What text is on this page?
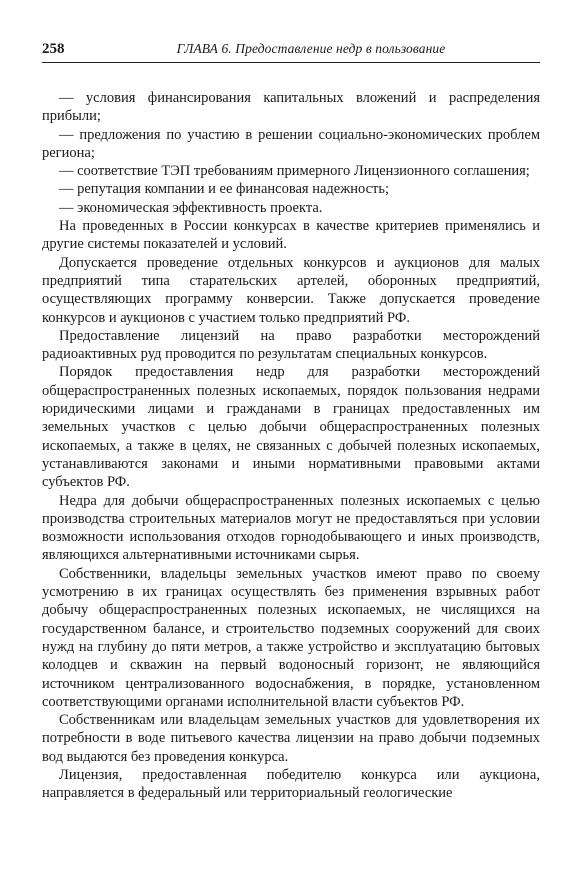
258	ГЛАВА 6. Предоставление недр в пользование

— условия финансирования капитальных вложений и распределения прибыли;

— предложения по участию в решении социально-экономических проблем региона;

— соответствие ТЭП требованиям примерного Лицензионного соглашения;

— репутация компании и ее финансовая надежность;

— экономическая эффективность проекта.

На проведенных в России конкурсах в качестве критериев применялись и другие системы показателей и условий.

Допускается проведение отдельных конкурсов и аукционов для малых предприятий типа старательских артелей, оборонных предприятий, осуществляющих программу конверсии. Также допускается проведение конкурсов и аукционов с участием только предприятий РФ.

Предоставление лицензий на право разработки месторождений радиоактивных руд проводится по результатам специальных конкурсов.

Порядок предоставления недр для разработки месторождений общераспространенных полезных ископаемых, порядок пользования недрами юридическими лицами и гражданами в границах предоставленных им земельных участков с целью добычи общераспространенных полезных ископаемых, а также в целях, не связанных с добычей полезных ископаемых, устанавливаются законами и иными нормативными правовыми актами субъектов РФ.

Недра для добычи общераспространенных полезных ископаемых с целью производства строительных материалов могут не предоставляться при условии возможности использования отходов горнодобывающего и иных производств, являющихся альтернативными источниками сырья.

Собственники, владельцы земельных участков имеют право по своему усмотрению в их границах осуществлять без применения взрывных работ добычу общераспространенных полезных ископаемых, не числящихся на государственном балансе, и строительство подземных сооружений для своих нужд на глубину до пяти метров, а также устройство и эксплуатацию бытовых колодцев и скважин на первый водоносный горизонт, не являющийся источником централизованного водоснабжения, в порядке, установленном соответствующими органами исполнительной власти субъектов РФ.

Собственникам или владельцам земельных участков для удовлетворения их потребности в воде питьевого качества лицензии на право добычи подземных вод выдаются без проведения конкурса.

Лицензия, предоставленная победителю конкурса или аукциона, направляется в федеральный или территориальный геологические
